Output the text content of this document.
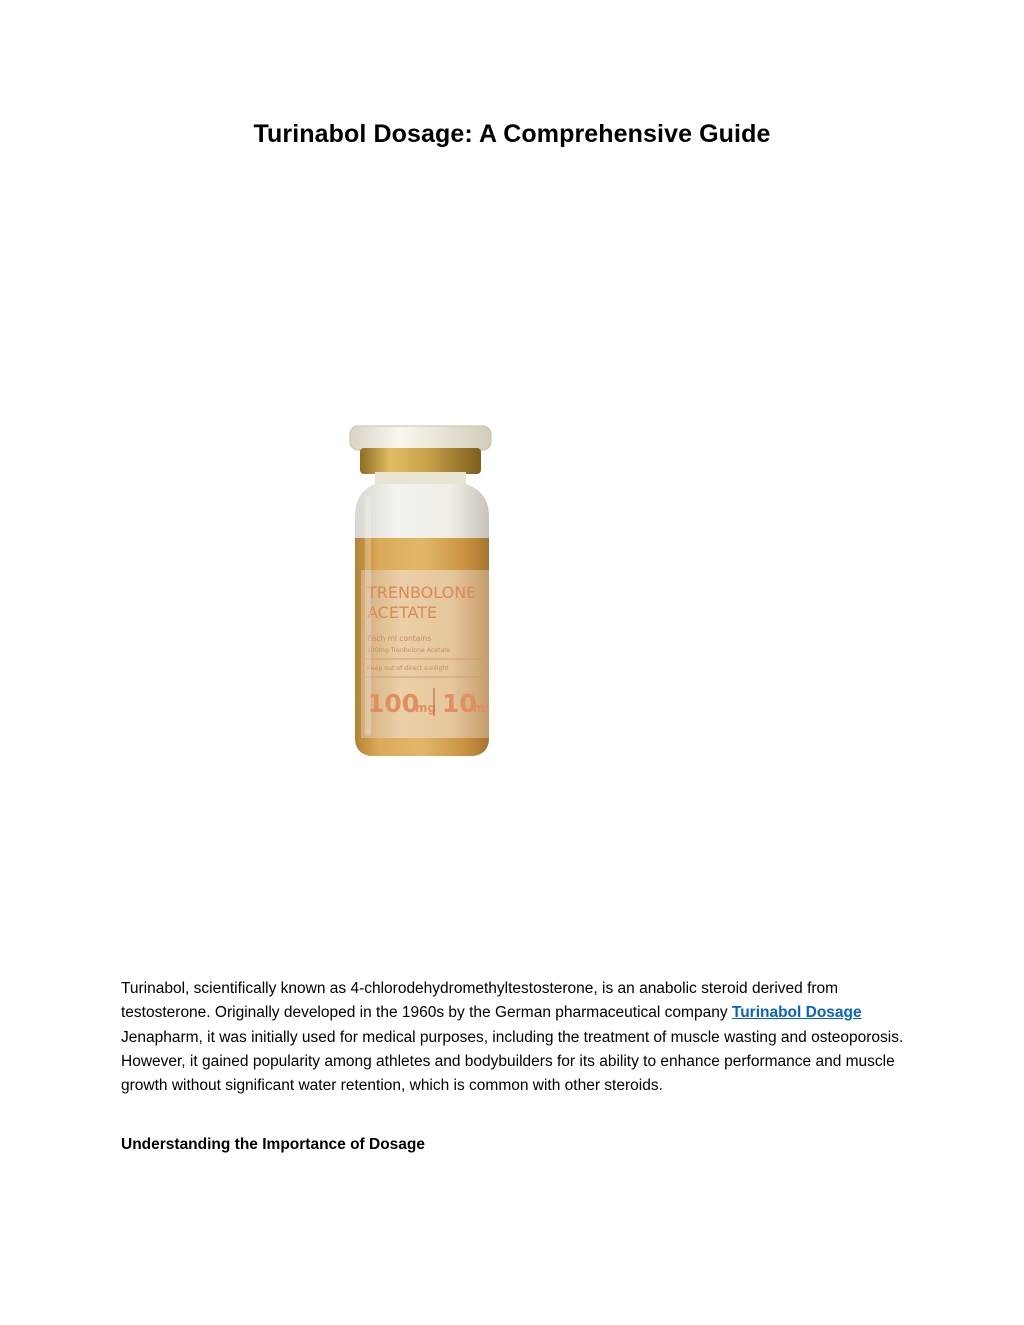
Turinabol Dosage: A Comprehensive Guide
TRENBOLONE
ACETATE
Each ml contains
100mg Trenbolone Acetate
Keep out of direct sunlight
100
mg 10
ml

Turinabol, scientifically known as 4-chlorodehydromethyltestosterone, is an anabolic steroid derived from testosterone. Originally developed in the 1960s by the German pharmaceutical company Turinabol Dosage Jenapharm, it was initially used for medical purposes, including the treatment of muscle wasting and osteoporosis. However, it gained popularity among athletes and bodybuilders for its ability to enhance performance and muscle growth without significant water retention, which is common with other steroids.

Understanding the Importance of Dosage
